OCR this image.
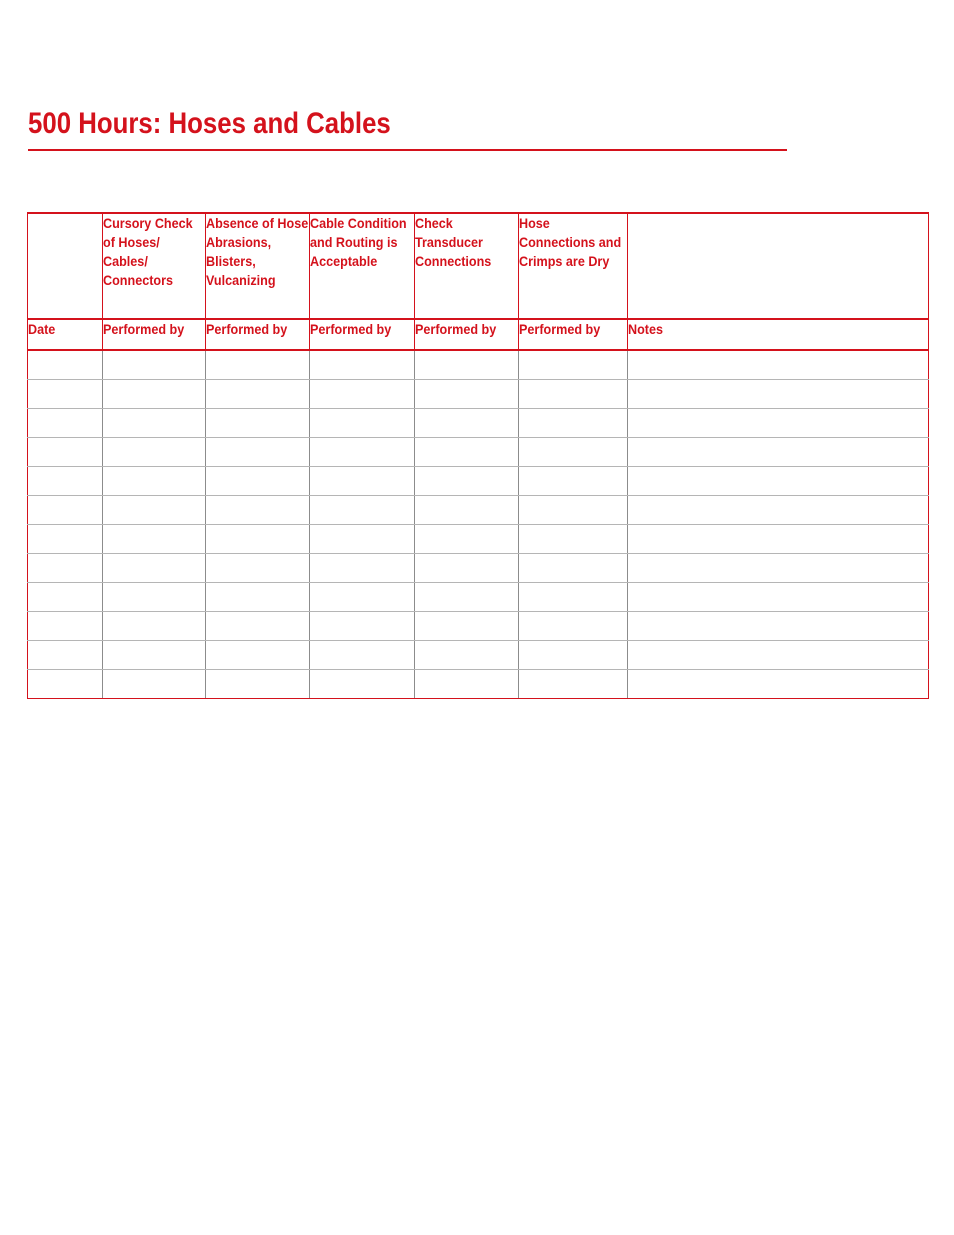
500 Hours: Hoses and Cables

	Cursory Check of Hoses/ Cables/ Connectors	Absence of Hose Abrasions, Blisters, Vulcanizing	Cable Condition and Routing is Acceptable	Check Transducer Connections	Hose Connections and Crimps are Dry	

Date	Performed by	Performed by	Performed by	Performed by	Performed by	Notes
